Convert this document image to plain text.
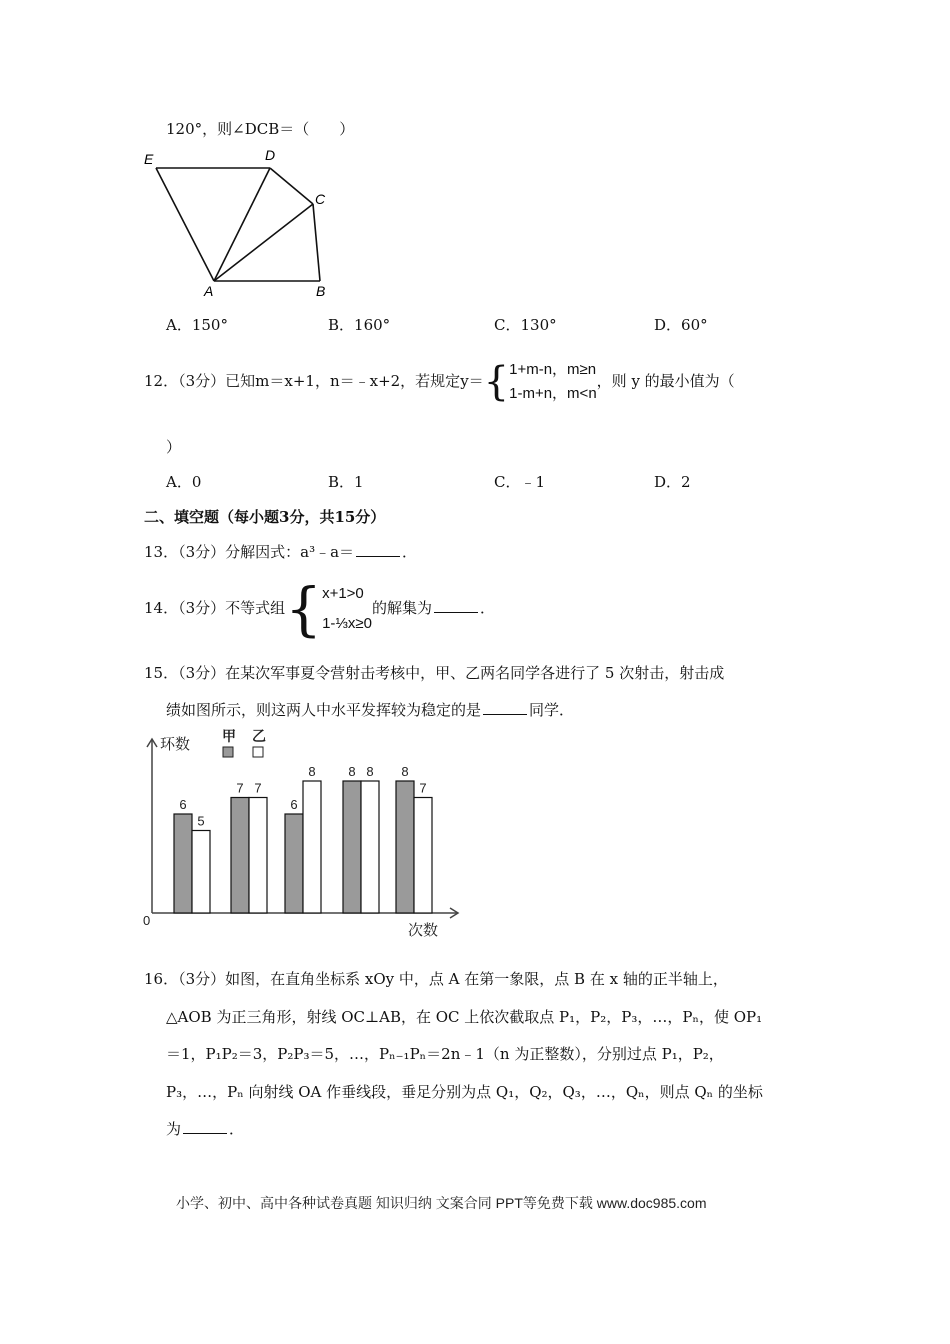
120°，则∠DCB＝（　　）
E	D
C
A	B
A．150°	B．160°	C．130°	D．60°
12．（3分）已知m＝x+1，n＝﹣x+2，若规定y＝{ 1+m-n，m≥n
1-m+n，m<n
，则 y 的最小值为（
）
A．0	B．1	C．﹣1	D．2
二、填空题（每小题3分，共15分）
13．（3分）分解因式：a³﹣a＝	．
14．（3分）不等式组{ x+1>0
1-⅓x≥0
的解集为	．
15．（3分）在某次军事夏令营射击考核中，甲、乙两名同学各进行了 5 次射击，射击成
绩如图所示，则这两人中水平发挥较为稳定的是	同学．
环数
次数
0
甲 乙
6
5
7 7
6
8	8 8 8
7
16．（3分）如图，在直角坐标系 xOy 中，点 A 在第一象限，点 B 在 x 轴的正半轴上，
△AOB 为正三角形，射线 OC⊥AB，在 OC 上依次截取点 P₁，P₂，P₃，…，Pₙ，使 OP₁
＝1，P₁P₂＝3，P₂P₃＝5，…，Pₙ₋₁Pₙ＝2n﹣1（n 为正整数），分别过点 P₁，P₂，
P₃，…，Pₙ 向射线 OA 作垂线段，垂足分别为点 Q₁，Q₂，Q₃，…，Qₙ，则点 Qₙ 的坐标
为	．
小学、初中、高中各种试卷真题 知识归纳 文案合同 PPT等免费下载 www.doc985.com
